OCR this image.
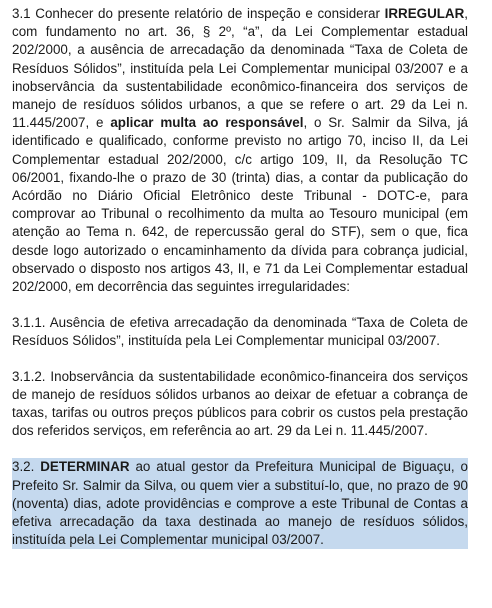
3.1 Conhecer do presente relatório de inspeção e considerar IRREGULAR, com fundamento no art. 36, § 2º, “a”, da Lei Complementar estadual 202/2000, a ausência de arrecadação da denominada “Taxa de Coleta de Resíduos Sólidos”, instituída pela Lei Complementar municipal 03/2007 e a inobservância da sustentabilidade econômico-financeira dos serviços de manejo de resíduos sólidos urbanos, a que se refere o art. 29 da Lei n. 11.445/2007, e aplicar multa ao responsável, o Sr. Salmir da Silva, já identificado e qualificado, conforme previsto no artigo 70, inciso II, da Lei Complementar estadual 202/2000, c/c artigo 109, II, da Resolução TC 06/2001, fixando-lhe o prazo de 30 (trinta) dias, a contar da publicação do Acórdão no Diário Oficial Eletrônico deste Tribunal - DOTC-e, para comprovar ao Tribunal o recolhimento da multa ao Tesouro municipal (em atenção ao Tema n. 642, de repercussão geral do STF), sem o que, fica desde logo autorizado o encaminhamento da dívida para cobrança judicial, observado o disposto nos artigos 43, II, e 71 da Lei Complementar estadual 202/2000, em decorrência das seguintes irregularidades:

3.1.1. Ausência de efetiva arrecadação da denominada “Taxa de Coleta de Resíduos Sólidos”, instituída pela Lei Complementar municipal 03/2007.

3.1.2. Inobservância da sustentabilidade econômico-financeira dos serviços de manejo de resíduos sólidos urbanos ao deixar de efetuar a cobrança de taxas, tarifas ou outros preços públicos para cobrir os custos pela prestação dos referidos serviços, em referência ao art. 29 da Lei n. 11.445/2007.

3.2. DETERMINAR ao atual gestor da Prefeitura Municipal de Biguaçu, o Prefeito Sr. Salmir da Silva, ou quem vier a substituí-lo, que, no prazo de 90 (noventa) dias, adote providências e comprove a este Tribunal de Contas a efetiva arrecadação da taxa destinada ao manejo de resíduos sólidos, instituída pela Lei Complementar municipal 03/2007.
